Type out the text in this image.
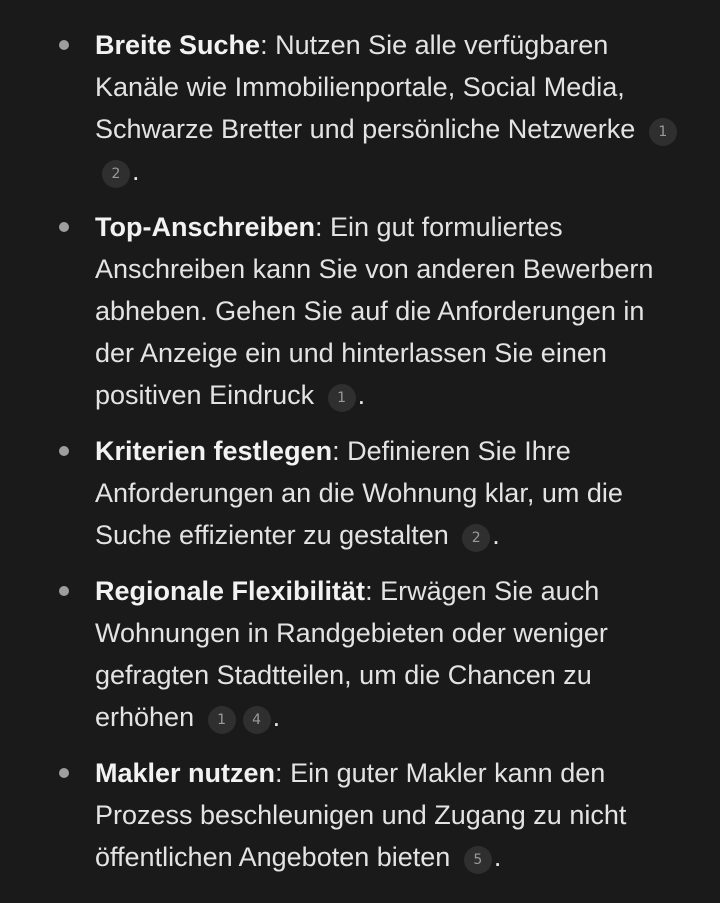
Breite Suche: Nutzen Sie alle verfügbaren Kanäle wie Immobilienportale, Social Media, Schwarze Bretter und persönliche Netzwerke 12 .
Top-Anschreiben: Ein gut formuliertes Anschreiben kann Sie von anderen Bewerbern abheben. Gehen Sie auf die Anforderungen in der Anzeige ein und hinterlassen Sie einen positiven Eindruck 1 .
Kriterien festlegen: Definieren Sie Ihre Anforderungen an die Wohnung klar, um die Suche effizienter zu gestalten 2 .
Regionale Flexibilität: Erwägen Sie auch Wohnungen in Randgebieten oder weniger gefragten Stadtteilen, um die Chancen zu erhöhen 1 4 .
Makler nutzen: Ein guter Makler kann den Prozess beschleunigen und Zugang zu nicht öffentlichen Angeboten bieten 5 .
